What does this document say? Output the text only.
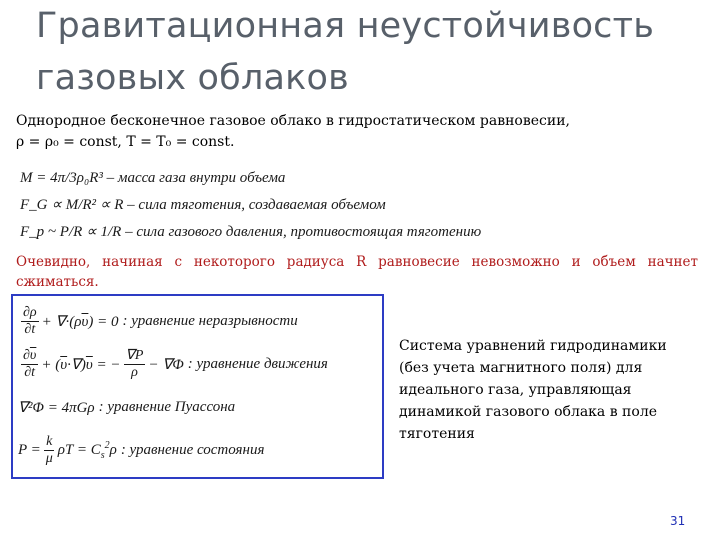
Гравитационная неустойчивость
газовых облаков
Однородное бесконечное газовое облако в гидростатическом равновесии,
ρ = ρ₀ = const, T = T₀ = const.
M = 4π/3ρ₀R³ – масса газа внутри объема
F_G ∝ M/R² ∝ R – сила тяготения, создаваемая объемом
F_p ~ P/R ∝ 1/R – сила газового давления, противостоящая тяготению
Очевидно, начиная с некоторого радиуса R равновесие невозможно и объем начнет сжиматься.
$\frac{\partial\rho}{\partial t} + \nabla\cdot(\rho\overline{\upsilon}) = 0$ : уравнение неразрывности
$\frac{\partial\overline{\upsilon}}{\partial t} + (\overline{\upsilon}\cdot\nabla)\overline{\upsilon}$ = − $\frac{\nabla P}{\rho} - \nabla\Phi$ : уравнение движения
∇²Φ = 4πGρ : уравнение Пуассона
$P = \frac{k}{\mu}$ $\rho T = C_s^2\rho$ : уравнение состояния
Система уравнений гидродинамики
(без учета магнитного поля) для
идеального газа, управляющая
динамикой газового облака в поле
тяготения
31
